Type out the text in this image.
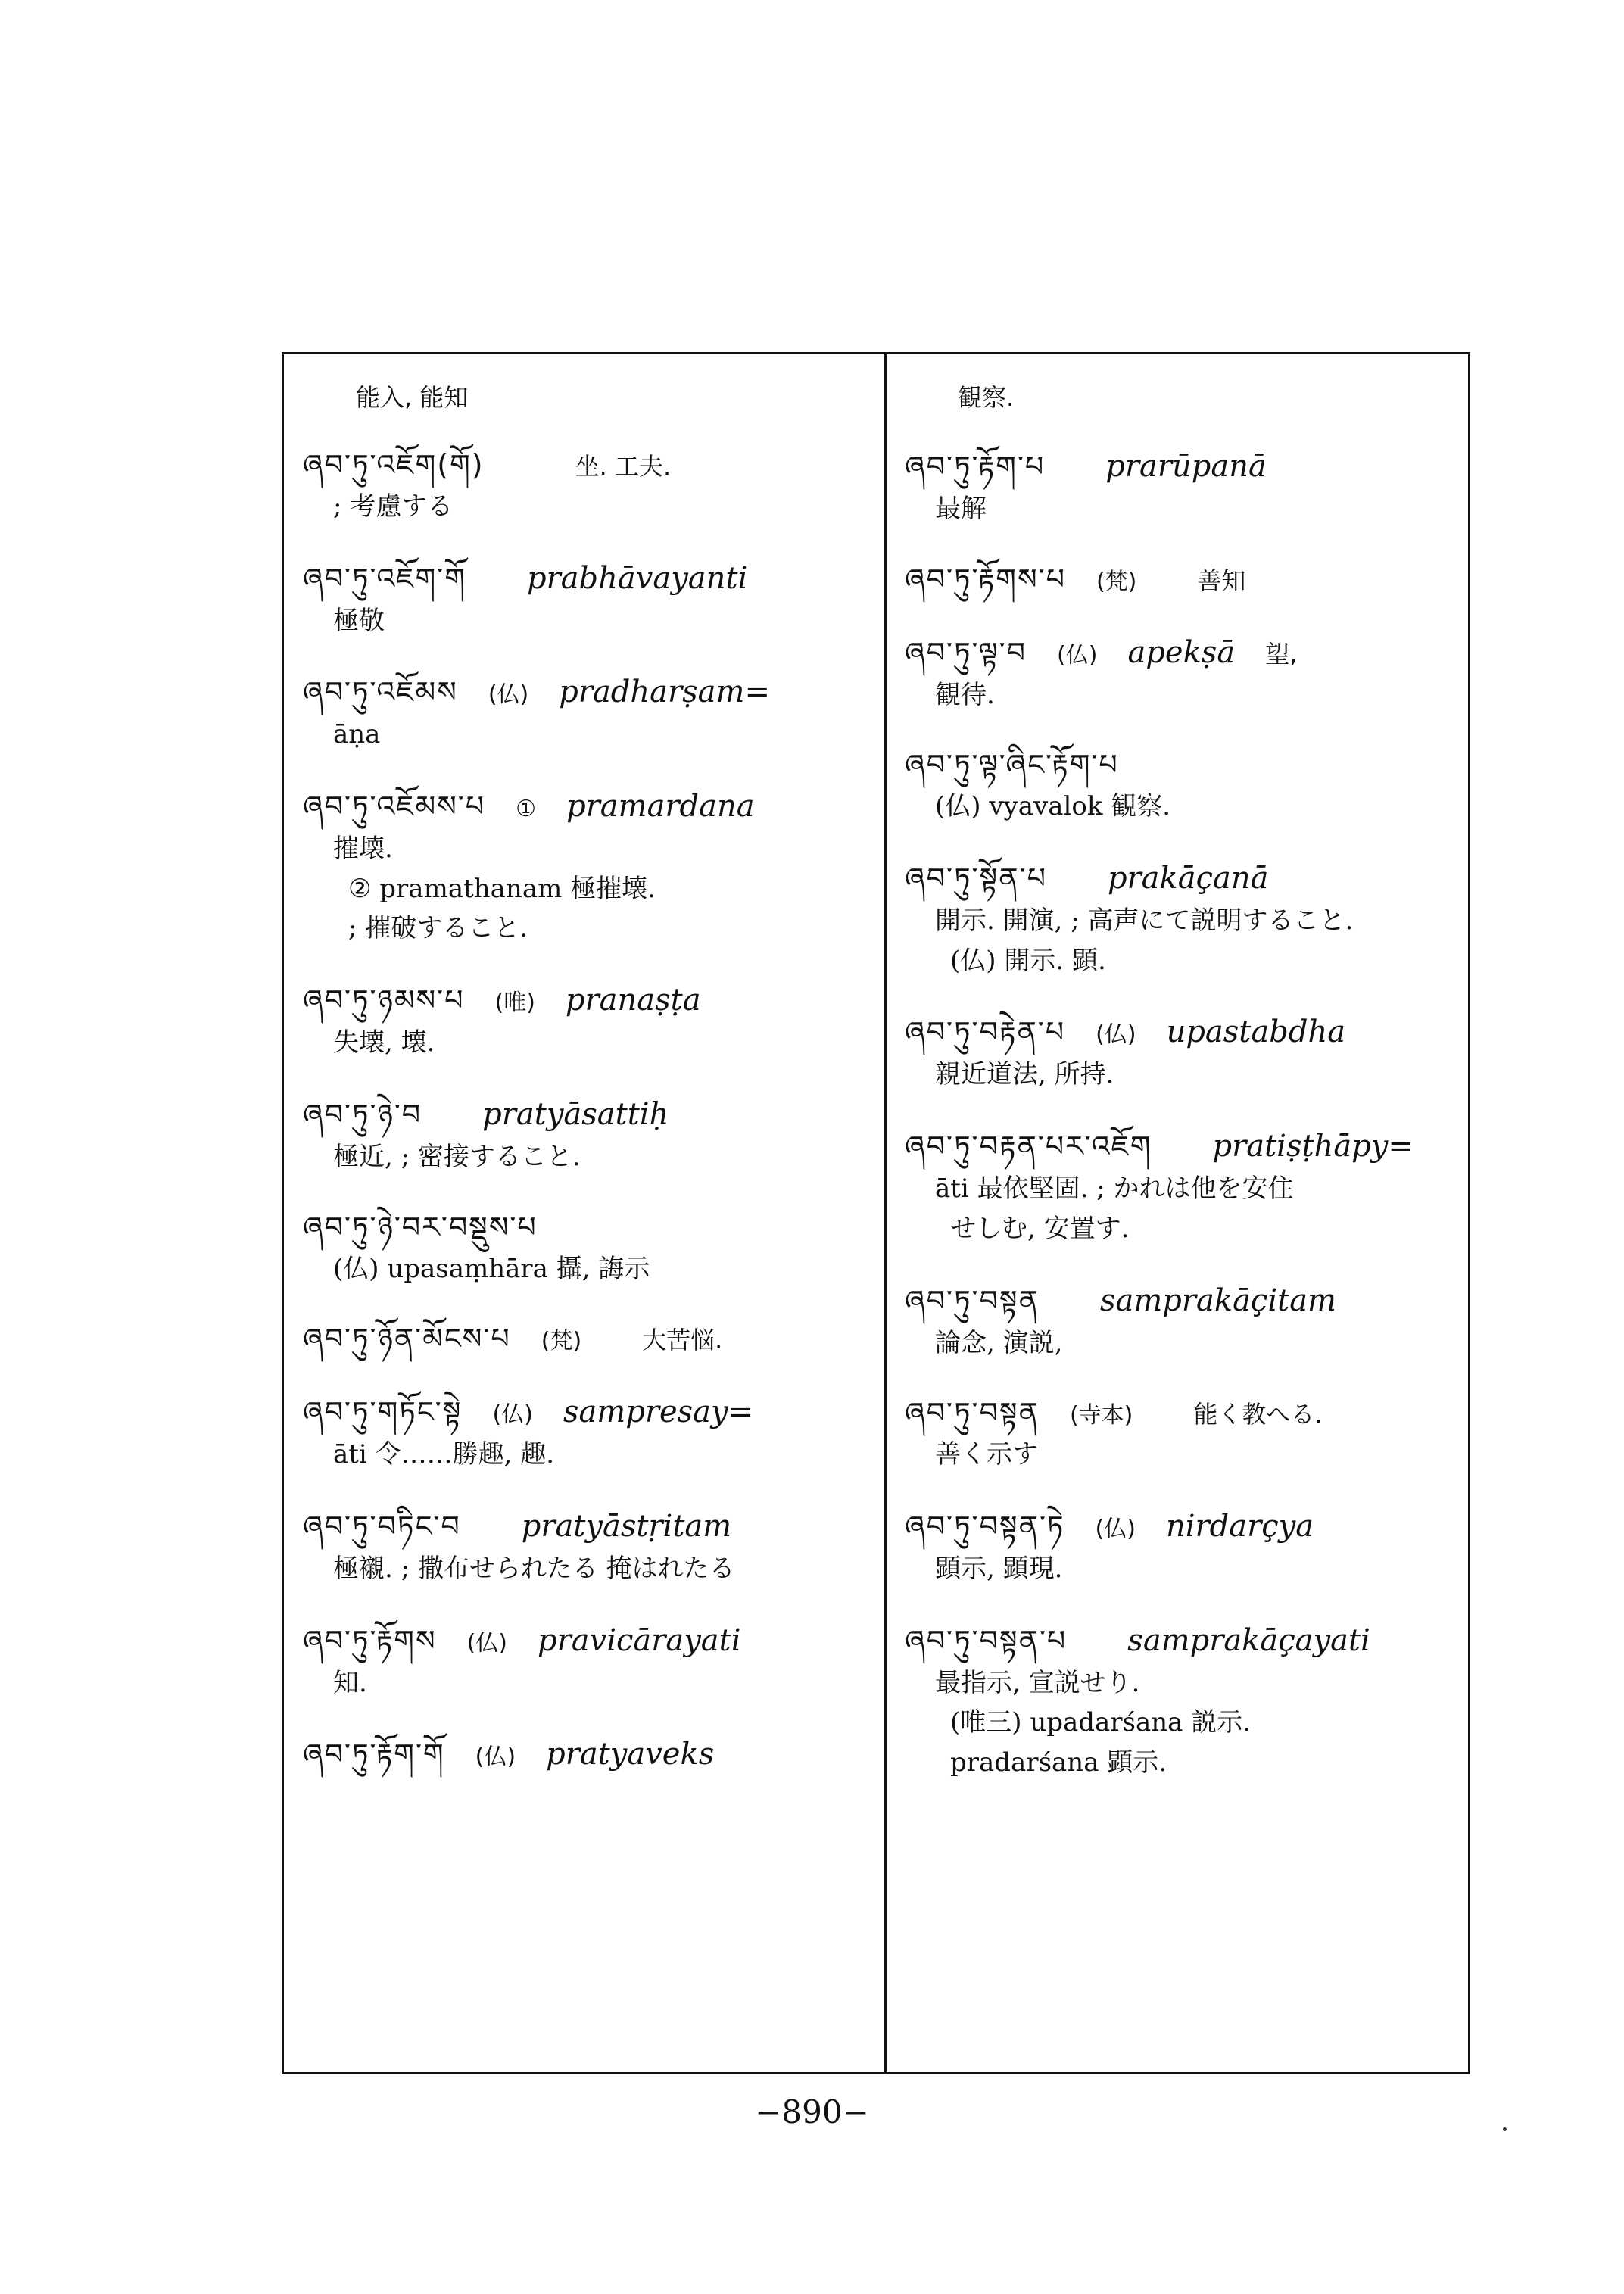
能入, 能知
ཞབ་ཏུ་འཇོག(གོ)	坐. 工夫.
; 考慮する
ཞབ་ཏུ་འཇོག་གོ prabhāvayanti
極敬
ཞབ་ཏུ་འཇོམས (仏) pradharṣam=
āṇa
ཞབ་ཏུ་འཇོམས་པ ① pramardana
摧壊.
② pramathanam 極摧壊.
; 摧破すること.
ཞབ་ཏུ་ཉམས་པ (唯) pranaṣṭa
失壊, 壊.
ཞབ་ཏུ་ཉེ་བ pratyāsattiḥ
極近, ; 密接すること.
ཞབ་ཏུ་ཉེ་བར་བསྡུས་པ
(仏) upasaṃhāra 攝, 誨示
ཞབ་ཏུ་ཉོན་མོངས་པ (梵)	大苦悩.
ཞབ་ཏུ་གཏོང་སྟེ (仏) sampresay=
āti 令……勝趣, 趣.
ཞབ་ཏུ་བཏིང་བ pratyāstṛitam
極襯. ; 撒布せられたる 掩はれたる
ཞབ་ཏུ་རྟོགས (仏) pravicārayati
知.
ཞབ་ཏུ་རྟོག་གོ (仏) pratyaveks
観察.
ཞབ་ཏུ་རྟོག་པ prarūpanā
最解
ཞབ་ཏུ་རྟོགས་པ (梵)	善知
ཞབ་ཏུ་ལྟ་བ (仏) apekṣā 望,
観待.
ཞབ་ཏུ་ལྟ་ཞིང་རྟོག་པ
(仏) vyavalok 観察.
ཞབ་ཏུ་སྟོན་པ prakāçanā
開示. 開演, ; 高声にて説明すること.
(仏) 開示. 顕.
ཞབ་ཏུ་བརྟེན་པ (仏) upastabdha
親近道法, 所持.
ཞབ་ཏུ་བརྟན་པར་འཇོག pratiṣṭhāpy=
āti 最依堅固. ; かれは他を安住
せしむ, 安置す.
ཞབ་ཏུ་བསྟན samprakāçitam
論念, 演説,
ཞབ་ཏུ་བསྟན (寺本)	能く教へる.
善く示す
ཞབ་ཏུ་བསྟན་ཏེ (仏) nirdarçya
顕示, 顕現.
ཞབ་ཏུ་བསྟན་པ samprakāçayati
最指示, 宣説せり.
(唯三) upadarśana 説示.
pradarśana 顕示.
−890−
